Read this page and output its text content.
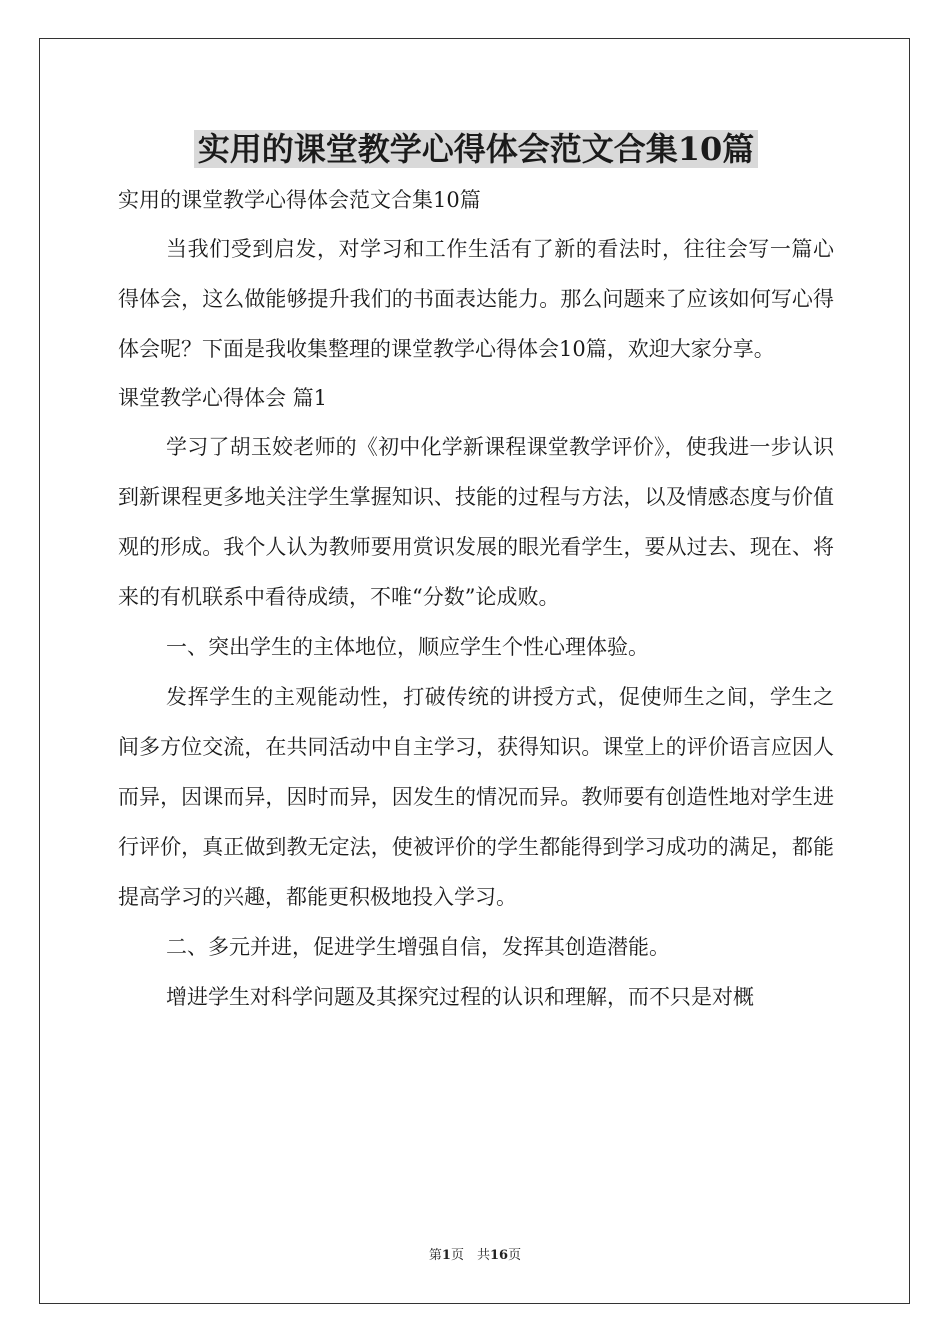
实用的课堂教学心得体会范文合集10篇

实用的课堂教学心得体会范文合集10篇

当我们受到启发，对学习和工作生活有了新的看法时，往往会写一篇心得体会，这么做能够提升我们的书面表达能力。那么问题来了应该如何写心得体会呢？下面是我收集整理的课堂教学心得体会10篇，欢迎大家分享。

课堂教学心得体会 篇1

学习了胡玉姣老师的《初中化学新课程课堂教学评价》，使我进一步认识到新课程更多地关注学生掌握知识、技能的过程与方法，以及情感态度与价值观的形成。我个人认为教师要用赏识发展的眼光看学生，要从过去、现在、将来的有机联系中看待成绩，不唯“分数”论成败。

一、突出学生的主体地位，顺应学生个性心理体验。

发挥学生的主观能动性，打破传统的讲授方式，促使师生之间，学生之间多方位交流，在共同活动中自主学习，获得知识。课堂上的评价语言应因人而异，因课而异，因时而异，因发生的情况而异。教师要有创造性地对学生进行评价，真正做到教无定法，使被评价的学生都能得到学习成功的满足，都能提高学习的兴趣，都能更积极地投入学习。

二、多元并进，促进学生增强自信，发挥其创造潜能。

增进学生对科学问题及其探究过程的认识和理解，而不只是对概

第1页　共16页
